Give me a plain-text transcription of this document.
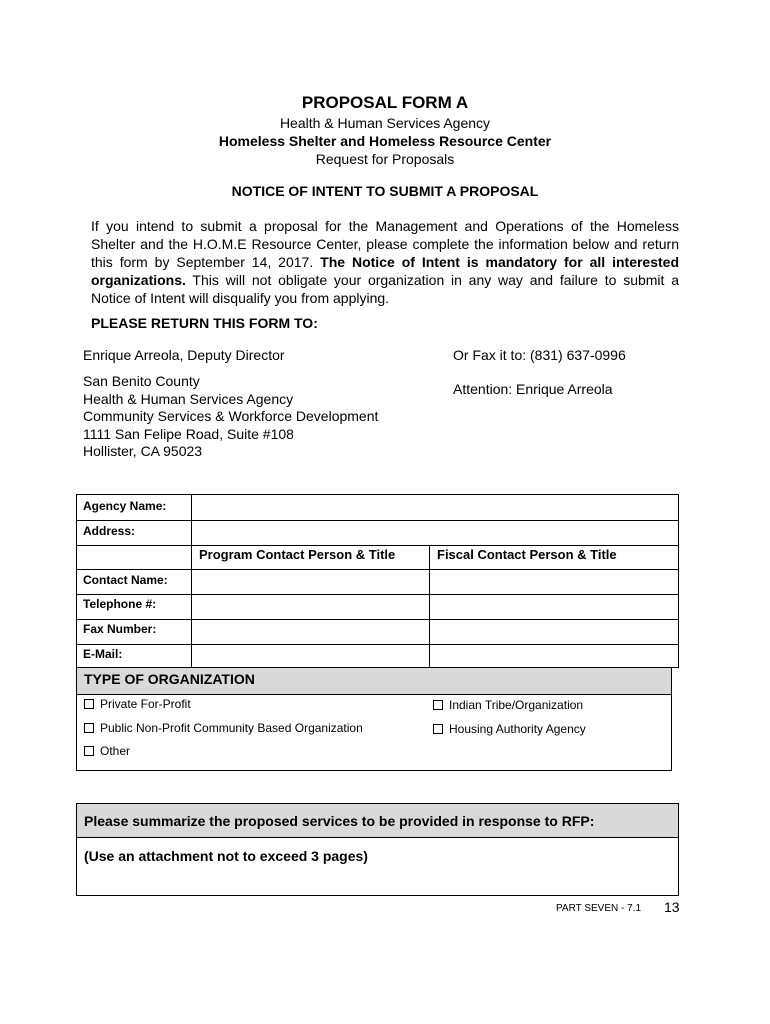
PROPOSAL FORM A
Health & Human Services Agency
Homeless Shelter and Homeless Resource Center
Request for Proposals
NOTICE OF INTENT TO SUBMIT A PROPOSAL
If you intend to submit a proposal for the Management and Operations of the Homeless Shelter and the H.O.M.E Resource Center, please complete the information below and return this form by September 14, 2017. The Notice of Intent is mandatory for all interested organizations. This will not obligate your organization in any way and failure to submit a Notice of Intent will disqualify you from applying.
PLEASE RETURN THIS FORM TO:
Enrique Arreola, Deputy Director
San Benito County
Health & Human Services Agency
Community Services & Workforce Development
1111 San Felipe Road, Suite #108
Hollister, CA 95023
Or Fax it to: (831) 637-0996
Attention: Enrique Arreola
Agency Name:
Address:
Program Contact Person & Title	Fiscal Contact Person & Title
Contact Name:
Telephone #:
Fax Number:
E-Mail:
TYPE OF ORGANIZATION
Private For-Profit	Indian Tribe/Organization
Public Non-Profit Community Based Organization	Housing Authority Agency
Other
Please summarize the proposed services to be provided in response to RFP:
(Use an attachment not to exceed 3 pages)
PART SEVEN - 7.1 13
